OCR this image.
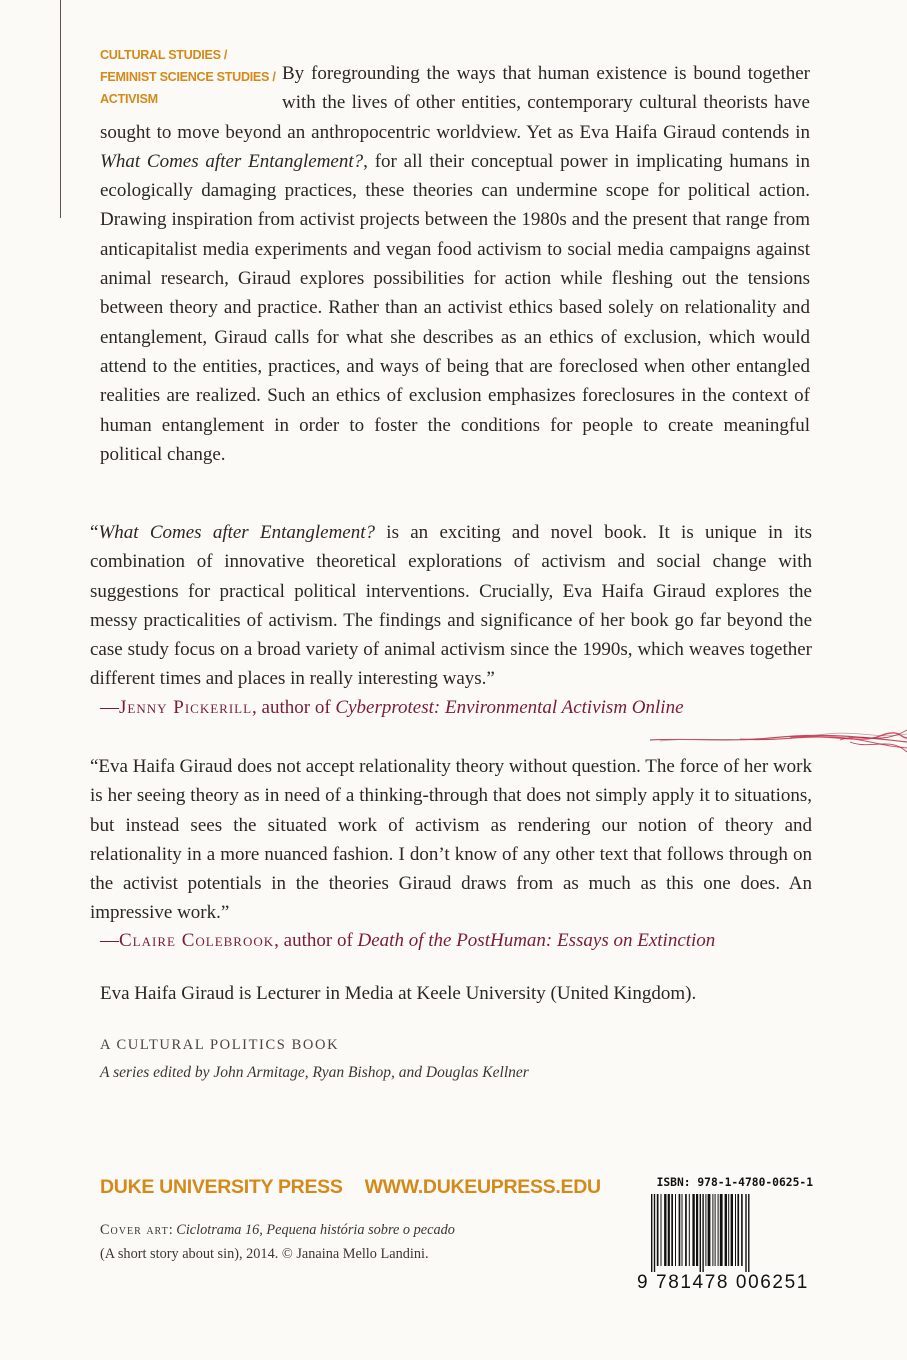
CULTURAL STUDIES /
FEMINIST SCIENCE STUDIES /
ACTIVISM

By foregrounding the ways that human existence is bound together with the lives of other entities, contemporary cultural theorists have sought to move beyond an anthropocentric worldview. Yet as Eva Haifa Giraud contends in What Comes after Entanglement?, for all their conceptual power in implicating humans in ecologically damaging practices, these theories can undermine scope for political action. Drawing inspiration from activist projects between the 1980s and the present that range from anticapitalist media experiments and vegan food activism to social media campaigns against animal research, Giraud explores possibilities for action while fleshing out the tensions between theory and practice. Rather than an activist ethics based solely on relationality and entanglement, Giraud calls for what she describes as an ethics of exclusion, which would attend to the entities, practices, and ways of being that are foreclosed when other entangled realities are realized. Such an ethics of exclusion emphasizes foreclosures in the context of human entanglement in order to foster the conditions for people to create meaningful political change.

“What Comes after Entanglement? is an exciting and novel book. It is unique in its combination of innovative theoretical explorations of activism and social change with suggestions for practical political interventions. Crucially, Eva Haifa Giraud explores the messy practicalities of activism. The findings and significance of her book go far beyond the case study focus on a broad variety of animal activism since the 1990s, which weaves together different times and places in really interesting ways.”

—Jenny Pickerill, author of Cyberprotest: Environmental Activism Online

“Eva Haifa Giraud does not accept relationality theory without question. The force of her work is her seeing theory as in need of a thinking-through that does not simply apply it to situations, but instead sees the situated work of activism as rendering our notion of theory and relationality in a more nuanced fashion. I don’t know of any other text that follows through on the activist potentials in the theories Giraud draws from as much as this one does. An impressive work.”

—Claire Colebrook, author of Death of the PostHuman: Essays on Extinction
Eva Haifa Giraud is Lecturer in Media at Keele University (United Kingdom).
A CULTURAL POLITICS BOOK
A series edited by John Armitage, Ryan Bishop, and Douglas Kellner
DUKE UNIVERSITY PRESS WWW.DUKEUPRESS.EDU
Cover art: Ciclotrama 16, Pequena história sobre o pecado
(A short story about sin), 2014. © Janaina Mello Landini.
ISBN: 978-1-4780-0625-1
9 781478 006251
